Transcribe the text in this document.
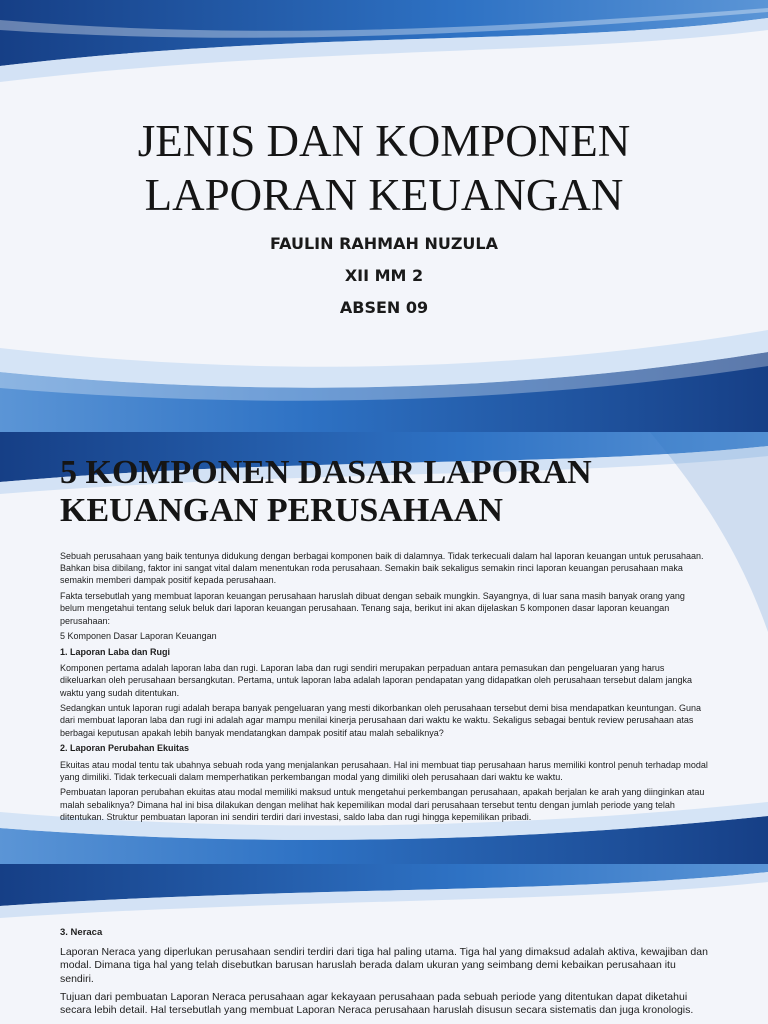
JENIS DAN KOMPONEN
LAPORAN KEUANGAN
FAULIN RAHMAH NUZULA
XII MM 2
ABSEN 09
5 KOMPONEN DASAR LAPORAN
KEUANGAN PERUSAHAAN

Sebuah perusahaan yang baik tentunya didukung dengan berbagai komponen baik di dalamnya. Tidak terkecuali dalam hal laporan keuangan untuk perusahaan. Bahkan bisa dibilang, faktor ini sangat vital dalam menentukan roda perusahaan. Semakin baik sekaligus semakin rinci laporan keuangan perusahaan maka semakin memberi dampak positif kepada perusahaan.

Fakta tersebutlah yang membuat laporan keuangan perusahaan haruslah dibuat dengan sebaik mungkin. Sayangnya, di luar sana masih banyak orang yang belum mengetahui tentang seluk beluk dari laporan keuangan perusahaan. Tenang saja, berikut ini akan dijelaskan 5 komponen dasar laporan keuangan perusahaan:

5 Komponen Dasar Laporan Keuangan

1. Laporan Laba dan Rugi

Komponen pertama adalah laporan laba dan rugi. Laporan laba dan rugi sendiri merupakan perpaduan antara pemasukan dan pengeluaran yang harus dikeluarkan oleh perusahaan bersangkutan. Pertama, untuk laporan laba adalah laporan pendapatan yang didapatkan oleh perusahaan tersebut dalam jangka waktu yang sudah ditentukan.

Sedangkan untuk laporan rugi adalah berapa banyak pengeluaran yang mesti dikorbankan oleh perusahaan tersebut demi bisa mendapatkan keuntungan. Guna dari membuat laporan laba dan rugi ini adalah agar mampu menilai kinerja perusahaan dari waktu ke waktu. Sekaligus sebagai bentuk review perusahaan atas berbagai keputusan apakah lebih banyak mendatangkan dampak positif atau malah sebaliknya?

2. Laporan Perubahan Ekuitas

Ekuitas atau modal tentu tak ubahnya sebuah roda yang menjalankan perusahaan. Hal ini membuat tiap perusahaan harus memiliki kontrol penuh terhadap modal yang dimiliki. Tidak terkecuali dalam memperhatikan perkembangan modal yang dimiliki oleh perusahaan dari waktu ke waktu.

Pembuatan laporan perubahan ekuitas atau modal memiliki maksud untuk mengetahui perkembangan perusahaan, apakah berjalan ke arah yang diinginkan atau malah sebaliknya? Dimana hal ini bisa dilakukan dengan melihat hak kepemilikan modal dari perusahaan tersebut tentu dengan jumlah periode yang telah ditentukan. Struktur pembuatan laporan ini sendiri terdiri dari investasi, saldo laba dan rugi hingga kepemilikan pribadi.

3. Neraca

Laporan Neraca yang diperlukan perusahaan sendiri terdiri dari tiga hal paling utama. Tiga hal yang dimaksud adalah aktiva, kewajiban dan modal. Dimana tiga hal yang telah disebutkan barusan haruslah berada dalam ukuran yang seimbang demi kebaikan perusahaan itu sendiri.

Tujuan dari pembuatan Laporan Neraca perusahaan agar kekayaan perusahaan pada sebuah periode yang ditentukan dapat diketahui secara lebih detail. Hal tersebutlah yang membuat Laporan Neraca perusahaan haruslah disusun secara sistematis dan juga kronologis.
